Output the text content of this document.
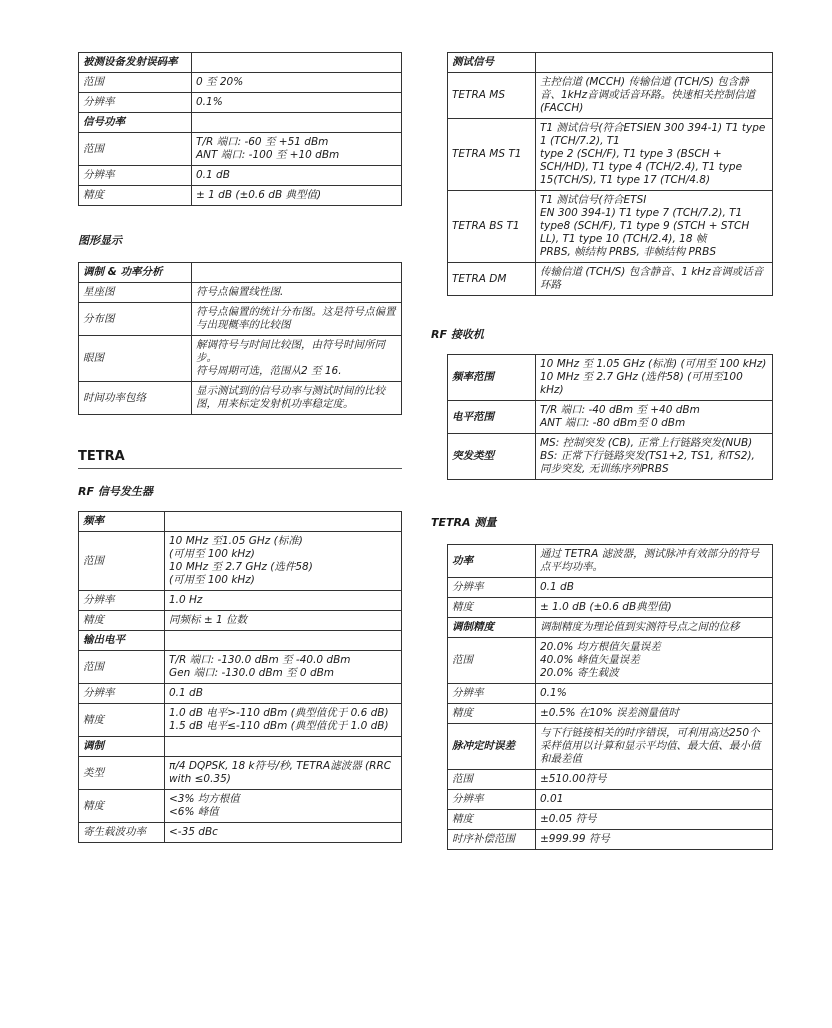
被测设备发射误码率	
范围	0 至 20%
分辨率	0.1%
信号功率	
范围	T/R 端口: -60 至 +51 dBm
ANT 端口: -100 至 +10 dBm
分辨率	0.1 dB
精度	± 1 dB (±0.6 dB 典型值)

图形显示

调制 & 功率分析	
星座图	符号点偏置线性图.
分布图	符号点偏置的统计分布图。这是符号点偏置与出现概率的比较图
眼图	解调符号与时间比较图，由符号时间所同步。
符号周期可选，范围从2 至 16.
时间功率包络	显示测试到的信号功率与测试时间的比较图，用来标定发射机功率稳定度。

TETRA

RF 信号发生器

频率	
范围	10 MHz 至1.05 GHz (标准)
(可用至 100 kHz)
10 MHz 至 2.7 GHz (选件58)
(可用至 100 kHz)
分辨率	1.0 Hz
精度	同频标 ± 1 位数
输出电平	
范围	T/R 端口: -130.0 dBm 至 -40.0 dBm
Gen 端口: -130.0 dBm 至 0 dBm
分辨率	0.1 dB
精度	1.0 dB 电平>-110 dBm (典型值优于 0.6 dB)
1.5 dB 电平≤-110 dBm (典型值优于 1.0 dB)
调制	
类型	π/4 DQPSK, 18 k符号/秒, TETRA滤波器 (RRC with ≤0.35)
精度	<3% 均方根值
<6% 峰值
寄生载波功率	<-35 dBc
测试信号	
TETRA MS	主控信道 (MCCH) 传输信道 (TCH/S) 包含静音、1kHz音调或话音环路。快速相关控制信道(FACCH)
TETRA MS T1	T1 测试信号(符合ETSIEN 300 394-1) T1 type 1 (TCH/7.2), T1
type 2 (SCH/F), T1 type 3 (BSCH + SCH/HD), T1 type 4 (TCH/2.4), T1 type 15(TCH/S), T1 type 17 (TCH/4.8)
TETRA BS T1	T1 测试信号(符合ETSI
EN 300 394-1) T1 type 7 (TCH/7.2), T1 type8 (SCH/F), T1 type 9 (STCH + STCH LL), T1 type 10 (TCH/2.4), 18 帧
PRBS, 帧结构 PRBS, 非帧结构 PRBS
TETRA DM	传输信道 (TCH/S) 包含静音、1 kHz音调或话音环路

RF 接收机

频率范围	10 MHz 至 1.05 GHz (标准) (可用至 100 kHz)
10 MHz 至 2.7 GHz (选件58) (可用至100 kHz)
电平范围	T/R 端口: -40 dBm 至 +40 dBm
ANT 端口: -80 dBm至 0 dBm
突发类型	MS: 控制突发 (CB), 正常上行链路突发(NUB)
BS: 正常下行链路突发(TS1+2, TS1, 和TS2),
同步突发, 无训练序列PRBS

TETRA 测量

功率	通过 TETRA 滤波器，测试脉冲有效部分的符号点平均功率。
分辨率	0.1 dB
精度	± 1.0 dB (±0.6 dB典型值)
调制精度	调制精度为理论值到实测符号点之间的位移
范围	20.0% 均方根值矢量误差
40.0% 峰值矢量误差
20.0% 寄生载波
分辨率	0.1%
精度	±0.5% 在10% 误差测量值时
脉冲定时误差	与下行链接相关的时序错误，可利用高达250个采样值用以计算和显示平均值、最大值、最小值和最差值
范围	±510.00符号
分辨率	0.01
精度	±0.05 符号
时序补偿范围	±999.99 符号
